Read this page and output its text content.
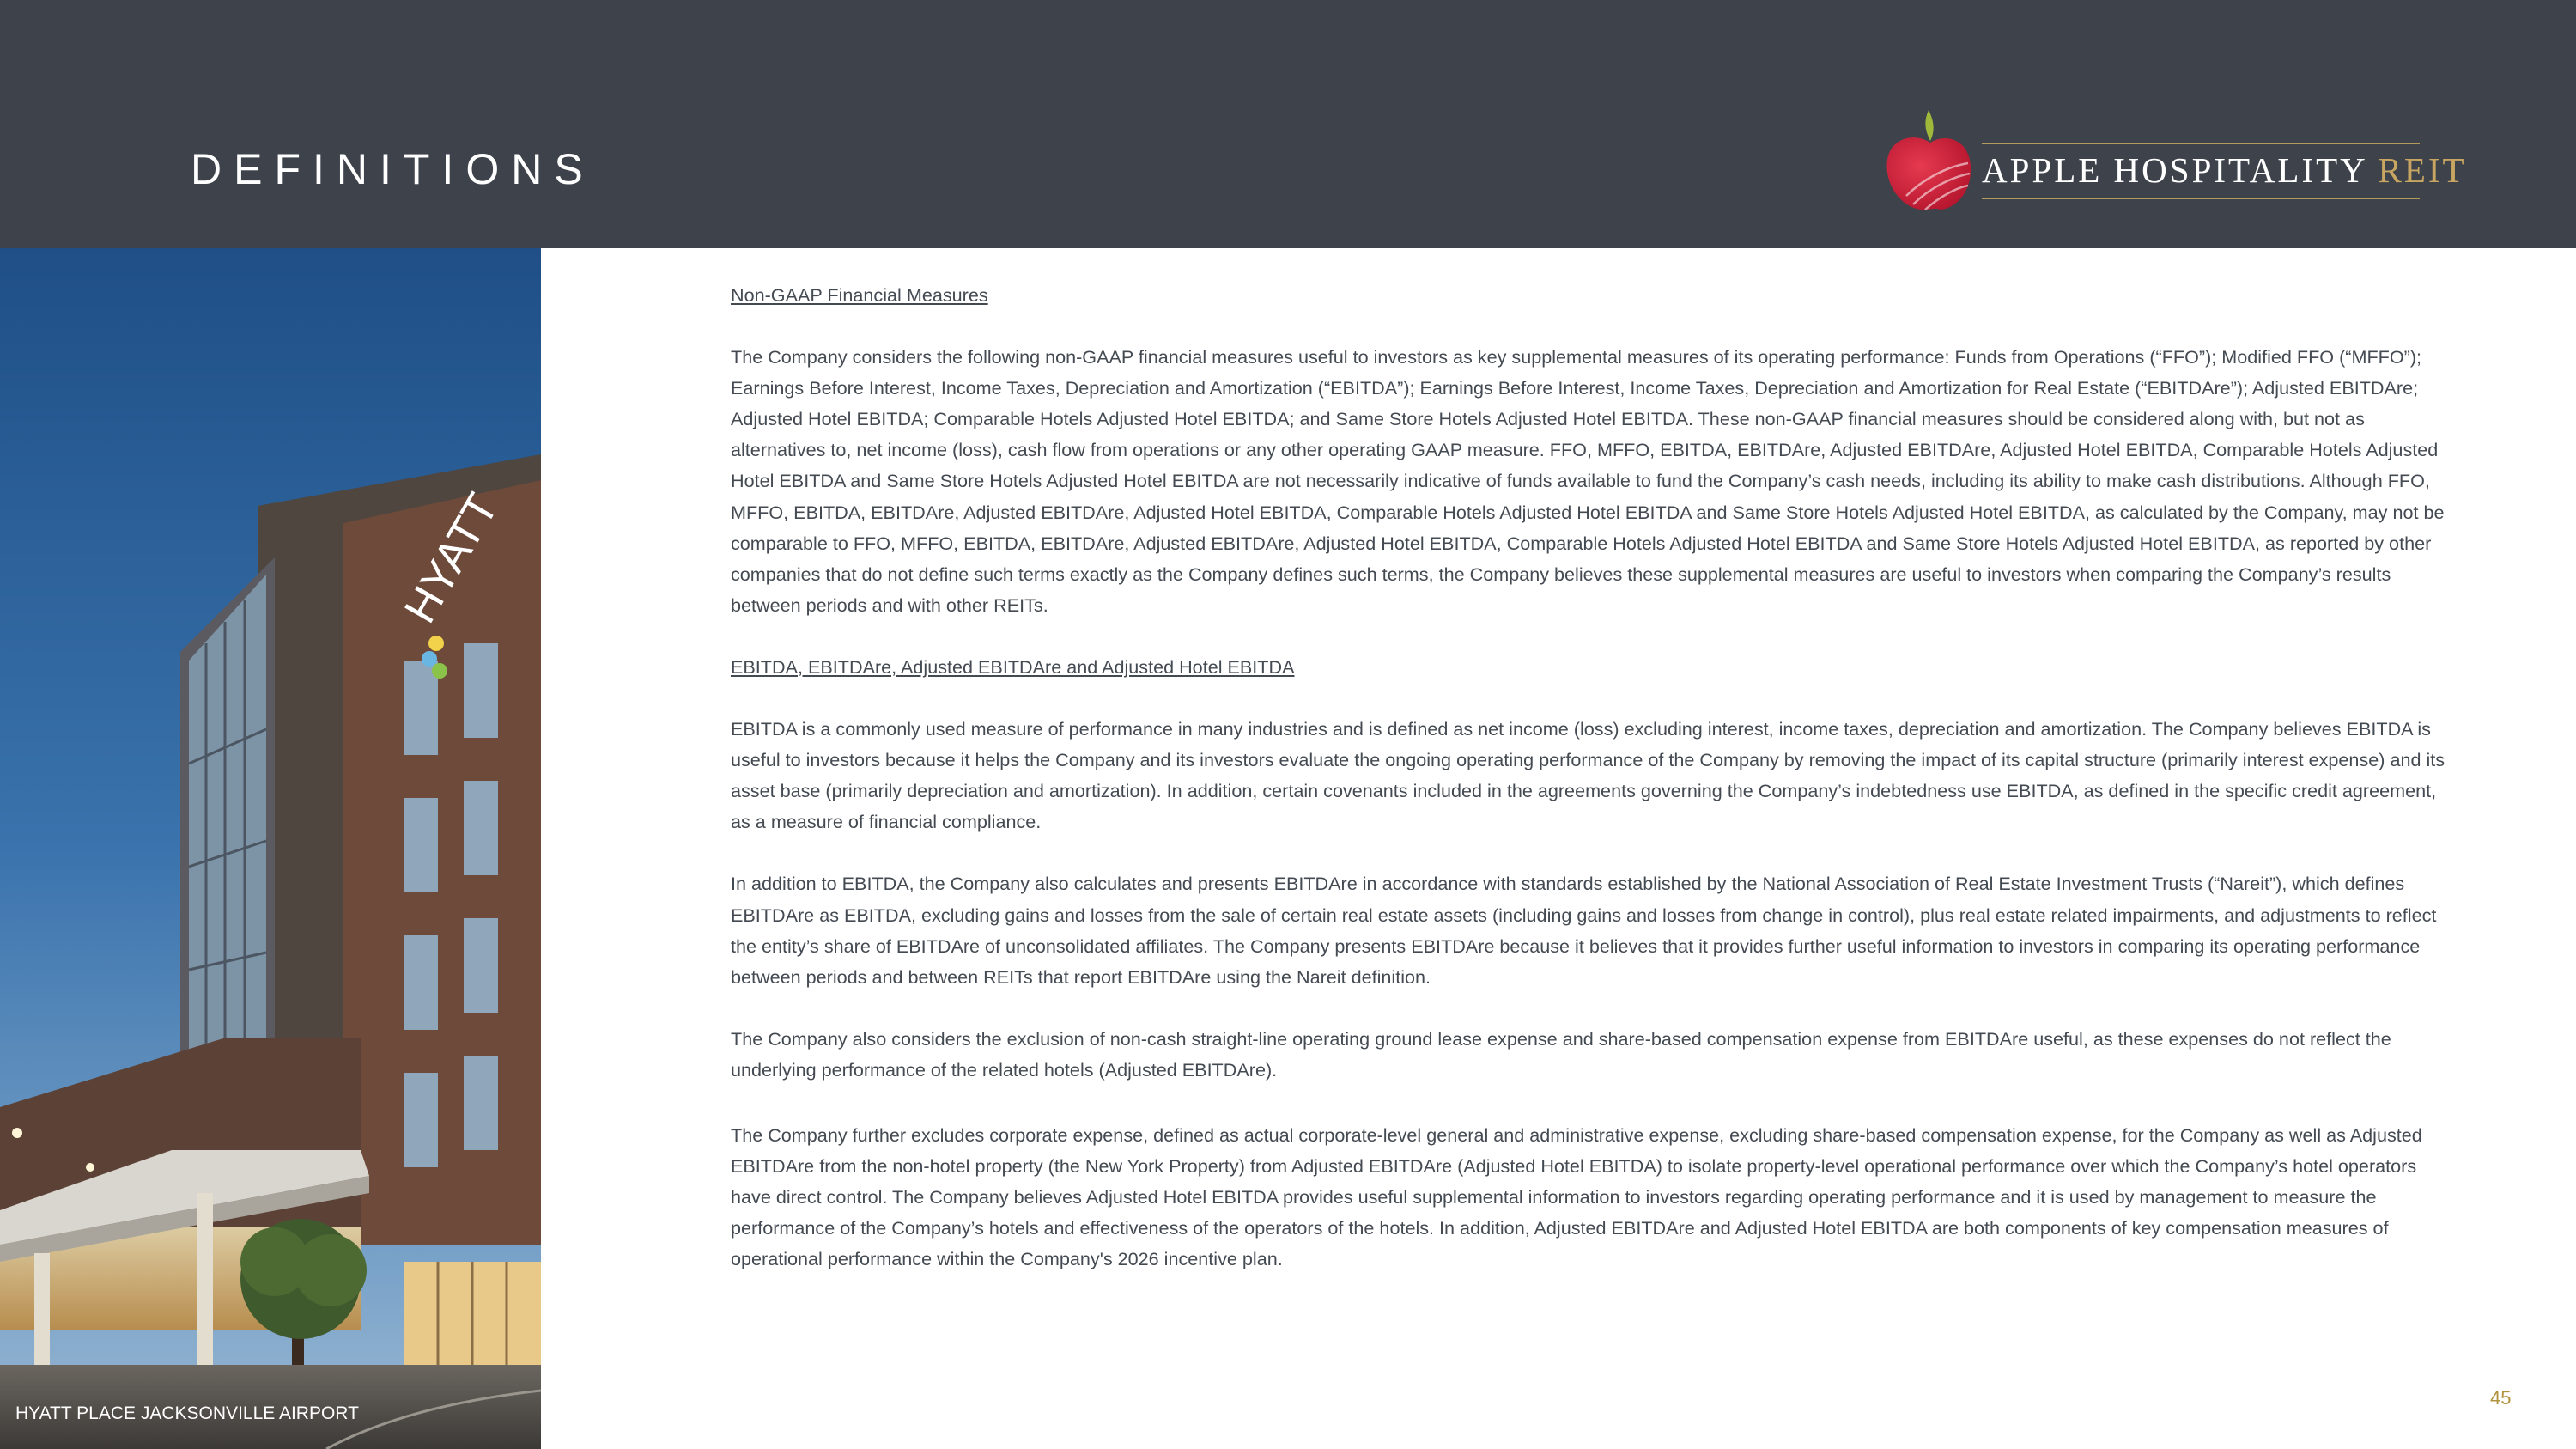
DEFINITIONS	APPLE HOSPITALITY REIT
HYATT
HYATT PLACE JACKSONVILLE AIRPORT

Non-GAAP Financial Measures

The Company considers the following non-GAAP financial measures useful to investors as key supplemental measures of its operating performance: Funds from Operations (“FFO”); Modified FFO (“MFFO”); Earnings Before Interest, Income Taxes, Depreciation and Amortization (“EBITDA”); Earnings Before Interest, Income Taxes, Depreciation and Amortization for Real Estate (“EBITDAre”); Adjusted EBITDAre; Adjusted Hotel EBITDA; Comparable Hotels Adjusted Hotel EBITDA; and Same Store Hotels Adjusted Hotel EBITDA. These non-GAAP financial measures should be considered along with, but not as alternatives to, net income (loss), cash flow from operations or any other operating GAAP measure. FFO, MFFO, EBITDA, EBITDAre, Adjusted EBITDAre, Adjusted Hotel EBITDA, Comparable Hotels Adjusted Hotel EBITDA and Same Store Hotels Adjusted Hotel EBITDA are not necessarily indicative of funds available to fund the Company’s cash needs, including its ability to make cash distributions. Although FFO, MFFO, EBITDA, EBITDAre, Adjusted EBITDAre, Adjusted Hotel EBITDA, Comparable Hotels Adjusted Hotel EBITDA and Same Store Hotels Adjusted Hotel EBITDA, as calculated by the Company, may not be comparable to FFO, MFFO, EBITDA, EBITDAre, Adjusted EBITDAre, Adjusted Hotel EBITDA, Comparable Hotels Adjusted Hotel EBITDA and Same Store Hotels Adjusted Hotel EBITDA, as reported by other companies that do not define such terms exactly as the Company defines such terms, the Company believes these supplemental measures are useful to investors when comparing the Company’s results between periods and with other REITs.

EBITDA, EBITDAre, Adjusted EBITDAre and Adjusted Hotel EBITDA

EBITDA is a commonly used measure of performance in many industries and is defined as net income (loss) excluding interest, income taxes, depreciation and amortization. The Company believes EBITDA is useful to investors because it helps the Company and its investors evaluate the ongoing operating performance of the Company by removing the impact of its capital structure (primarily interest expense) and its asset base (primarily depreciation and amortization). In addition, certain covenants included in the agreements governing the Company’s indebtedness use EBITDA, as defined in the specific credit agreement, as a measure of financial compliance.

In addition to EBITDA, the Company also calculates and presents EBITDAre in accordance with standards established by the National Association of Real Estate Investment Trusts (“Nareit”), which defines EBITDAre as EBITDA, excluding gains and losses from the sale of certain real estate assets (including gains and losses from change in control), plus real estate related impairments, and adjustments to reflect the entity’s share of EBITDAre of unconsolidated affiliates. The Company presents EBITDAre because it believes that it provides further useful information to investors in comparing its operating performance between periods and between REITs that report EBITDAre using the Nareit definition.

The Company also considers the exclusion of non-cash straight-line operating ground lease expense and share-based compensation expense from EBITDAre useful, as these expenses do not reflect the underlying performance of the related hotels (Adjusted EBITDAre).

The Company further excludes corporate expense, defined as actual corporate-level general and administrative expense, excluding share-based compensation expense, for the Company as well as Adjusted EBITDAre from the non-hotel property (the New York Property) from Adjusted EBITDAre (Adjusted Hotel EBITDA) to isolate property-level operational performance over which the Company’s hotel operators have direct control. The Company believes Adjusted Hotel EBITDA provides useful supplemental information to investors regarding operating performance and it is used by management to measure the performance of the Company’s hotels and effectiveness of the operators of the hotels. In addition, Adjusted EBITDAre and Adjusted Hotel EBITDA are both components of key compensation measures of operational performance within the Company's 2026 incentive plan.

45
